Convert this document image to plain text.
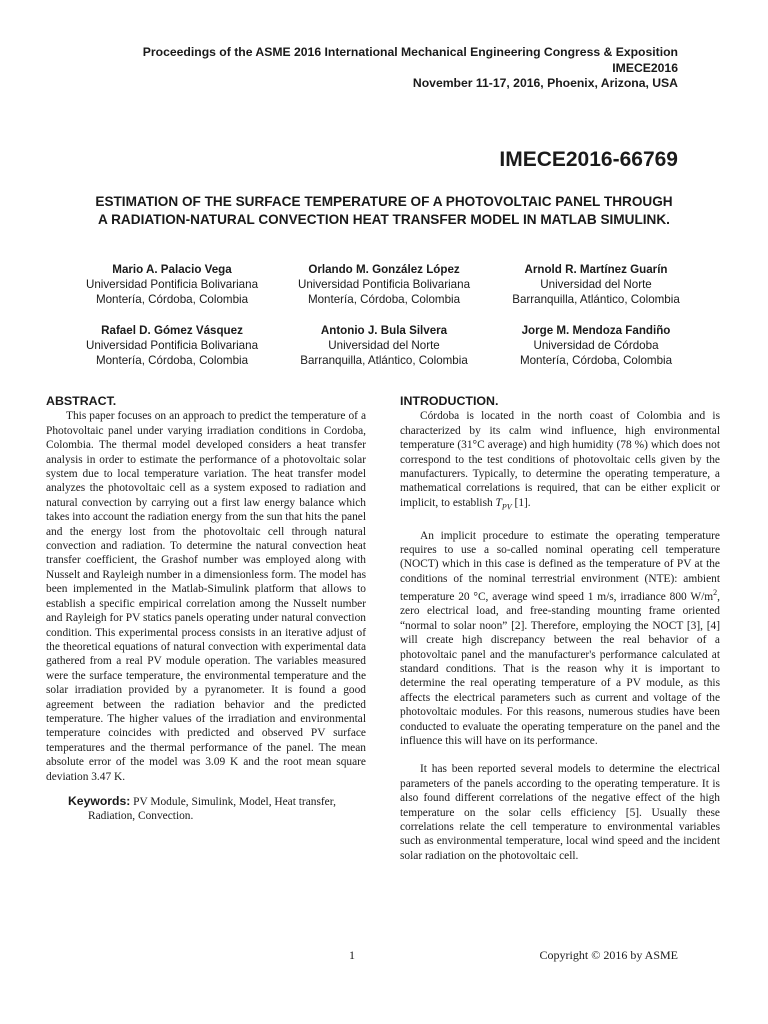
Proceedings of the ASME 2016 International Mechanical Engineering Congress & Exposition
IMECE2016
November 11-17, 2016, Phoenix, Arizona, USA
IMECE2016-66769
ESTIMATION OF THE SURFACE TEMPERATURE OF A PHOTOVOLTAIC PANEL THROUGH A RADIATION-NATURAL CONVECTION HEAT TRANSFER MODEL IN MATLAB SIMULINK.
Mario A. Palacio Vega
Universidad Pontificia Bolivariana
Montería, Córdoba, Colombia
Orlando M. González López
Universidad Pontificia Bolivariana
Montería, Córdoba, Colombia
Arnold R. Martínez Guarín
Universidad del Norte
Barranquilla, Atlántico, Colombia
Rafael D. Gómez Vásquez
Universidad Pontificia Bolivariana
Montería, Córdoba, Colombia
Antonio J. Bula Silvera
Universidad del Norte
Barranquilla, Atlántico, Colombia
Jorge M. Mendoza Fandiño
Universidad de Córdoba
Montería, Córdoba, Colombia
ABSTRACT.

This paper focuses on an approach to predict the temperature of a Photovoltaic panel under varying irradiation conditions in Cordoba, Colombia. The thermal model developed considers a heat transfer analysis in order to estimate the performance of a photovoltaic solar system due to local temperature variation. The heat transfer model analyzes the photovoltaic cell as a system exposed to radiation and natural convection by carrying out a first law energy balance which takes into account the radiation energy from the sun that hits the panel and the energy lost from the photovoltaic cell through natural convection and radiation. To determine the natural convection heat transfer coefficient, the Grashof number was employed along with Nusselt and Rayleigh number in a dimensionless form. The model has been implemented in the Matlab-Simulink platform that allows to establish a specific empirical correlation among the Nusselt number and Rayleigh for PV statics panels operating under natural convection condition. This experimental process consists in an iterative adjust of the theoretical equations of natural convection with experimental data gathered from a real PV module operation. The variables measured were the surface temperature, the environmental temperature and the solar irradiation provided by a pyranometer. It is found a good agreement between the radiation behavior and the predicted temperature. The higher values of the irradiation and environmental temperature coincides with predicted and observed PV surface temperatures and the thermal performance of the panel. The mean absolute error of the model was 3.09 K and the root mean square deviation 3.47 K.

Keywords: PV Module, Simulink, Model, Heat transfer, Radiation, Convection.
INTRODUCTION.

Córdoba is located in the north coast of Colombia and is characterized by its calm wind influence, high environmental temperature (31°C average) and high humidity (78 %) which does not correspond to the test conditions of photovoltaic cells given by the manufacturers. Typically, to determine the operating temperature, a mathematical correlations is required, that can be either explicit or implicit, to establish $T_{PV}$ [1].

An implicit procedure to estimate the operating temperature requires to use a so-called nominal operating cell temperature (NOCT) which in this case is defined as the temperature of PV at the conditions of the nominal terrestrial environment (NTE): ambient temperature 20 °C, average wind speed 1 m/s, irradiance 800 $W/m^2$, zero electrical load, and free-standing mounting frame oriented “normal to solar noon” [2]. Therefore, employing the NOCT [3], [4] will create high discrepancy between the real behavior of a photovoltaic panel and the manufacturer's performance calculated at standard conditions. That is the reason why it is important to determine the real operating temperature of a PV module, as this affects the electrical parameters such as current and voltage of the photovoltaic modules. For this reasons, numerous studies have been conducted to evaluate the operating temperature on the panel and the influence this will have on its performance.

It has been reported several models to determine the electrical parameters of the panels according to the operating temperature. It is also found different correlations of the negative effect of the high temperature on the solar cells efficiency [5]. Usually these correlations relate the cell temperature to environmental variables such as environmental temperature, local wind speed and the incident solar radiation on the photovoltaic cell.

1	Copyright © 2016 by ASME
